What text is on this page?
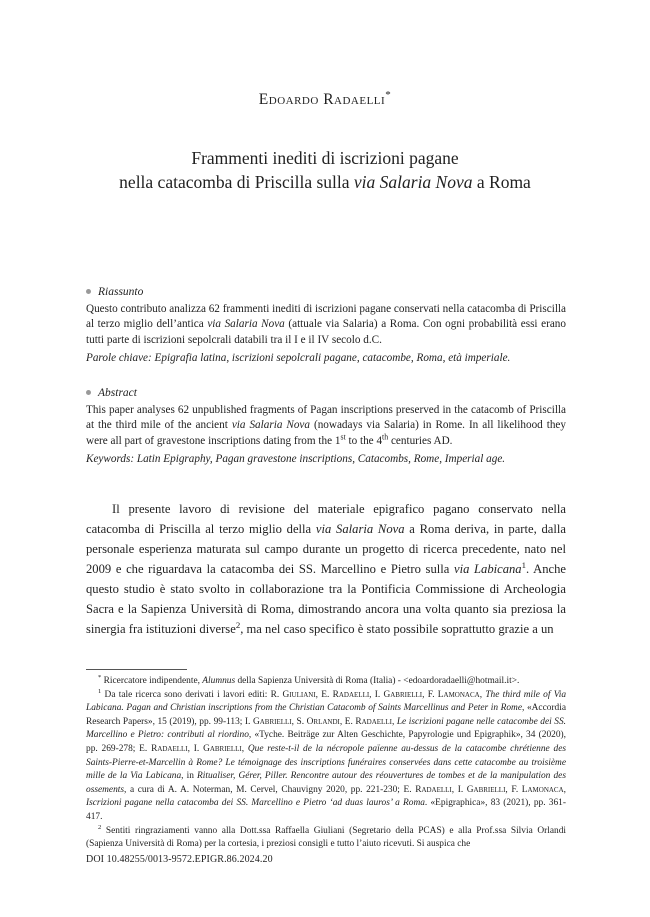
Edoardo Radaelli*
Frammenti inediti di iscrizioni pagane
nella catacomba di Priscilla sulla via Salaria Nova a Roma
Riassunto
Questo contributo analizza 62 frammenti inediti di iscrizioni pagane conservati nella catacomba di Priscilla al terzo miglio dell’antica via Salaria Nova (attuale via Salaria) a Roma. Con ogni probabilità essi erano tutti parte di iscrizioni sepolcrali databili tra il I e il IV secolo d.C.
Parole chiave: Epigrafia latina, iscrizioni sepolcrali pagane, catacombe, Roma, età imperiale.
Abstract
This paper analyses 62 unpublished fragments of Pagan inscriptions preserved in the catacomb of Priscilla at the third mile of the ancient via Salaria Nova (nowadays via Salaria) in Rome. In all likelihood they were all part of gravestone inscriptions dating from the 1st to the 4th centuries AD.
Keywords: Latin Epigraphy, Pagan gravestone inscriptions, Catacombs, Rome, Imperial age.
Il presente lavoro di revisione del materiale epigrafico pagano conservato nella catacomba di Priscilla al terzo miglio della via Salaria Nova a Roma deriva, in parte, dalla personale esperienza maturata sul campo durante un progetto di ricerca precedente, nato nel 2009 e che riguardava la catacomba dei SS. Marcellino e Pietro sulla via Labicana$^1$. Anche questo studio è stato svolto in collaborazione tra la Pontificia Commissione di Archeologia Sacra e la Sapienza Università di Roma, dimostrando ancora una volta quanto sia preziosa la sinergia fra istituzioni diverse$^2$, ma nel caso specifico è stato possibile soprattutto grazie a un
* Ricercatore indipendente, Alumnus della Sapienza Università di Roma (Italia) - <edoardoradaelli@hotmail.it>.
$^1$ Da tale ricerca sono derivati i lavori editi: R. Giuliani, E. Radaelli, I. Gabrielli, F. Lamonaca, The third mile of Via Labicana. Pagan and Christian inscriptions from the Christian Catacomb of Saints Marcellinus and Peter in Rome, «Accordia Research Papers», 15 (2019), pp. 99-113; I. Gabrielli, S. Orlandi, E. Radaelli, Le iscrizioni pagane nelle catacombe dei SS. Marcellino e Pietro: contributi al riordino, «Tyche. Beiträge zur Alten Geschichte, Papyrologie und Epigraphik», 34 (2020), pp. 269-278; E. Radaelli, I. Gabrielli, Que reste-t-il de la nécropole païenne au-dessus de la catacombe chrétienne des Saints-Pierre-et-Marcellin à Rome? Le témoignage des inscriptions funéraires conservées dans cette catacombe au troisième mille de la Via Labicana, in Ritualiser, Gérer, Piller. Rencontre autour des réouvertures de tombes et de la manipulation des ossements, a cura di A. A. Noterman, M. Cervel, Chauvigny 2020, pp. 221-230; E. Radaelli, I. Gabrielli, F. Lamonaca, Iscrizioni pagane nella catacomba dei SS. Marcellino e Pietro ‘ad duas lauros’ a Roma. «Epigraphica», 83 (2021), pp. 361-417.
$^2$ Sentiti ringraziamenti vanno alla Dott.ssa Raffaella Giuliani (Segretario della PCAS) e alla Prof.ssa Silvia Orlandi (Sapienza Università di Roma) per la cortesia, i preziosi consigli e tutto l’aiuto ricevuti. Si auspica che
DOI 10.48255/0013-9572.EPIGR.86.2024.20
